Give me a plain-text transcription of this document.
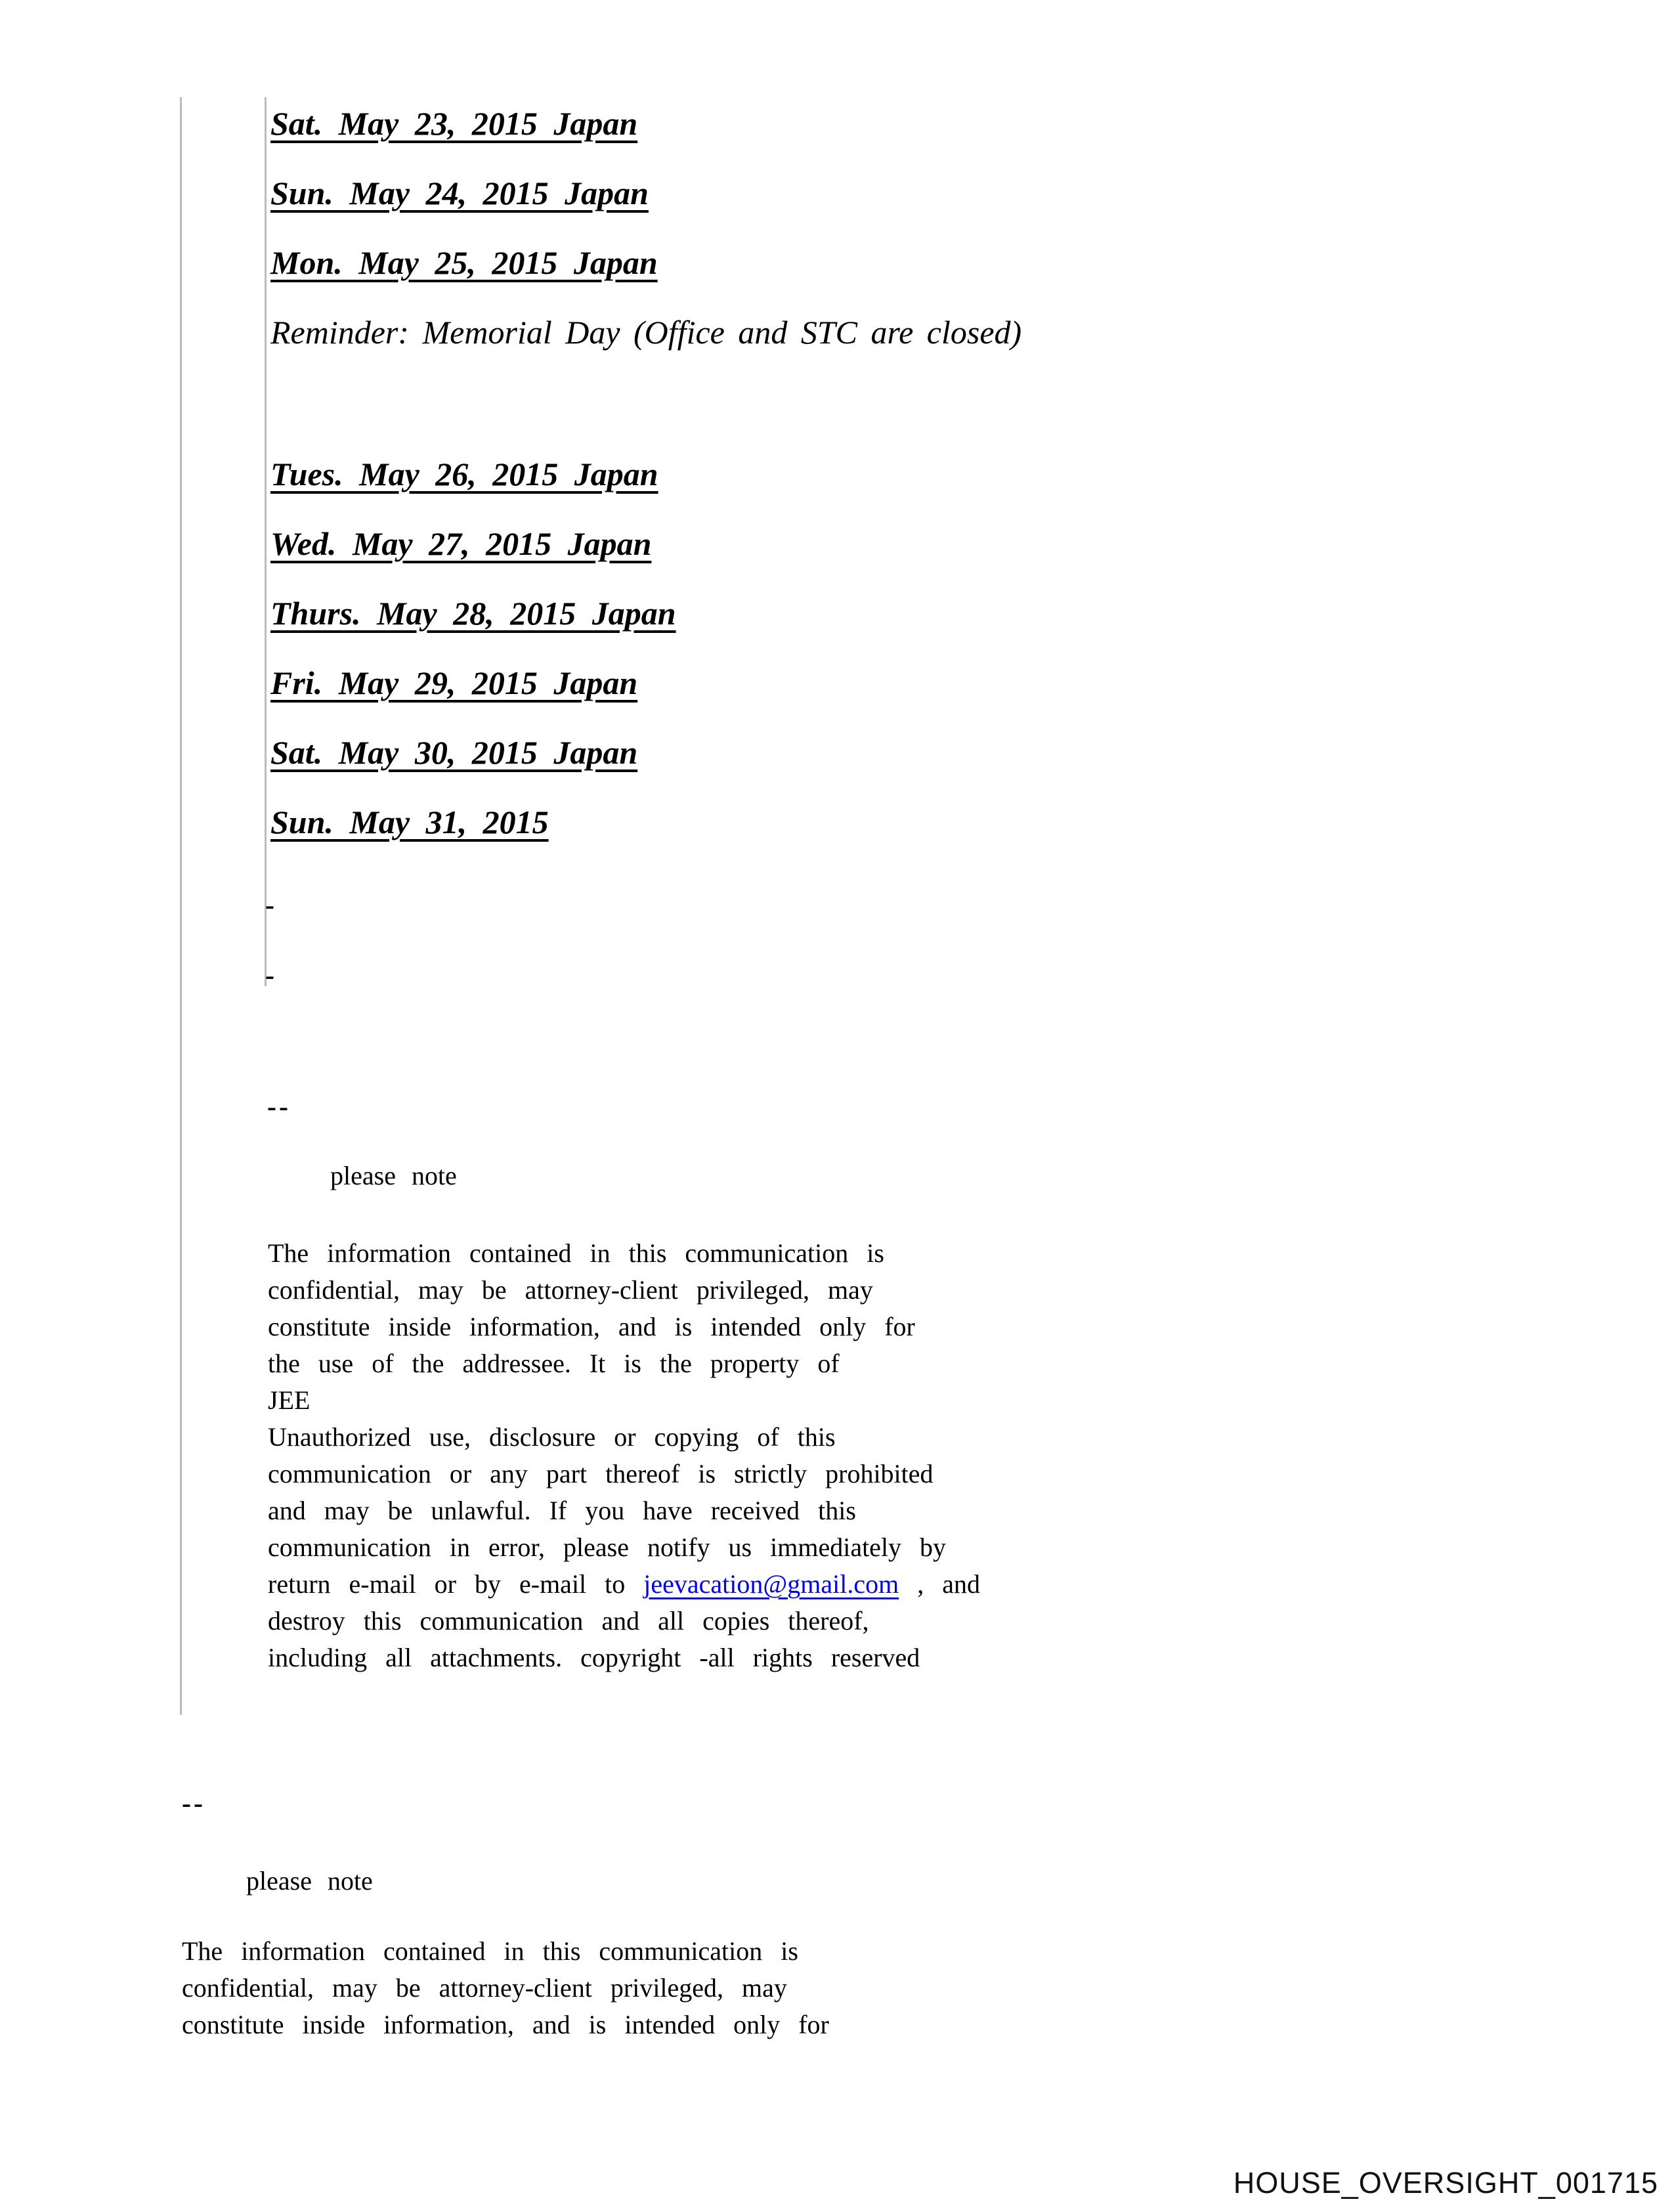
Sat. May 23, 2015 Japan
Sun. May 24, 2015 Japan
Mon. May 25, 2015 Japan
Reminder: Memorial Day (Office and STC are closed)
Tues. May 26, 2015 Japan
Wed. May 27, 2015 Japan
Thurs. May 28, 2015 Japan
Fri. May 29, 2015 Japan
Sat. May 30, 2015 Japan
Sun. May 31, 2015
-
-
--
please note
The information contained in this communication is
confidential, may be attorney-client privileged, may
constitute inside information, and is intended only for
the use of the addressee. It is the property of
JEE
Unauthorized use, disclosure or copying of this
communication or any part thereof is strictly prohibited
and may be unlawful. If you have received this
communication in error, please notify us immediately by
return e-mail or by e-mail to jeevacation@gmail.com , and
destroy this communication and all copies thereof,
including all attachments. copyright -all rights reserved
--
please note
The information contained in this communication is
confidential, may be attorney-client privileged, may
constitute inside information, and is intended only for
HOUSE_OVERSIGHT_001715
